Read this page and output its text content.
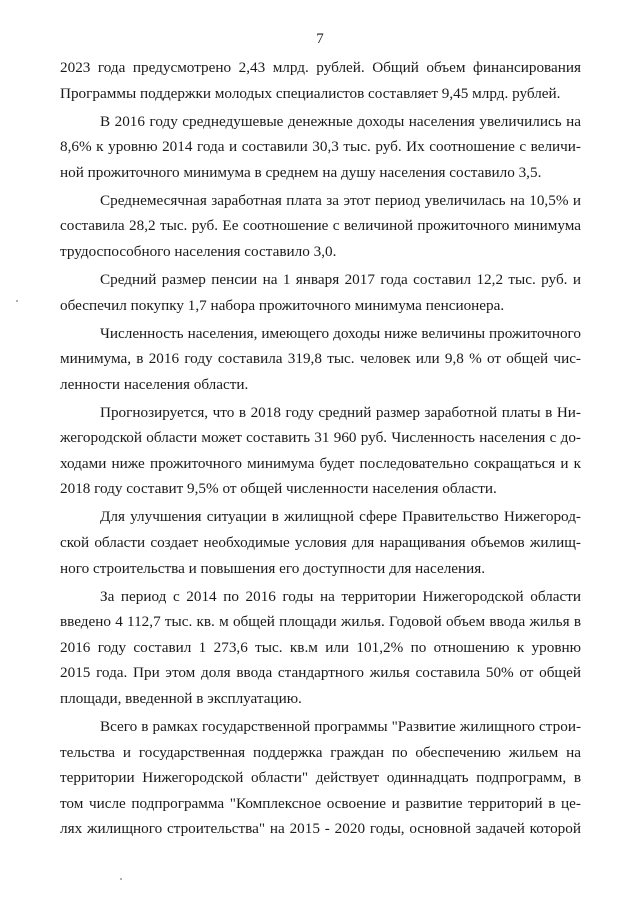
7
2023 года предусмотрено 2,43 млрд. рублей. Общий объем финансирования
Программы поддержки молодых специалистов составляет 9,45 млрд. рублей.
В 2016 году среднедушевые денежные доходы населения увеличились на
8,6% к уровню 2014 года и составили 30,3 тыс. руб. Их соотношение с величи-
ной прожиточного минимума в среднем на душу населения составило 3,5.
Среднемесячная заработная плата за этот период увеличилась на 10,5% и
составила 28,2 тыс. руб. Ее соотношение с величиной прожиточного минимума
трудоспособного населения составило 3,0.
Средний размер пенсии на 1 января 2017 года составил 12,2 тыс. руб. и
обеспечил покупку 1,7 набора прожиточного минимума пенсионера.
Численность населения, имеющего доходы ниже величины прожиточного
минимума, в 2016 году составила 319,8 тыс. человек или 9,8 % от общей чис-
ленности населения области.
Прогнозируется, что в 2018 году средний размер заработной платы в Ни-
жегородской области может составить 31 960 руб. Численность населения с до-
ходами ниже прожиточного минимума будет последовательно сокращаться и к
2018 году составит 9,5% от общей численности населения области.
Для улучшения ситуации в жилищной сфере Правительство Нижегород-
ской области создает необходимые условия для наращивания объемов жилищ-
ного строительства и повышения его доступности для населения.
За период с 2014 по 2016 годы на территории Нижегородской области
введено 4 112,7 тыс. кв. м общей площади жилья. Годовой объем ввода жилья в
2016 году составил 1 273,6 тыс. кв.м или 101,2% по отношению к уровню
2015 года. При этом доля ввода стандартного жилья составила 50% от общей
площади, введенной в эксплуатацию.
Всего в рамках государственной программы "Развитие жилищного строи-
тельства и государственная поддержка граждан по обеспечению жильем на
территории Нижегородской области" действует одиннадцать подпрограмм, в
том числе подпрограмма "Комплексное освоение и развитие территорий в це-
лях жилищного строительства" на 2015 - 2020 годы, основной задачей которой
